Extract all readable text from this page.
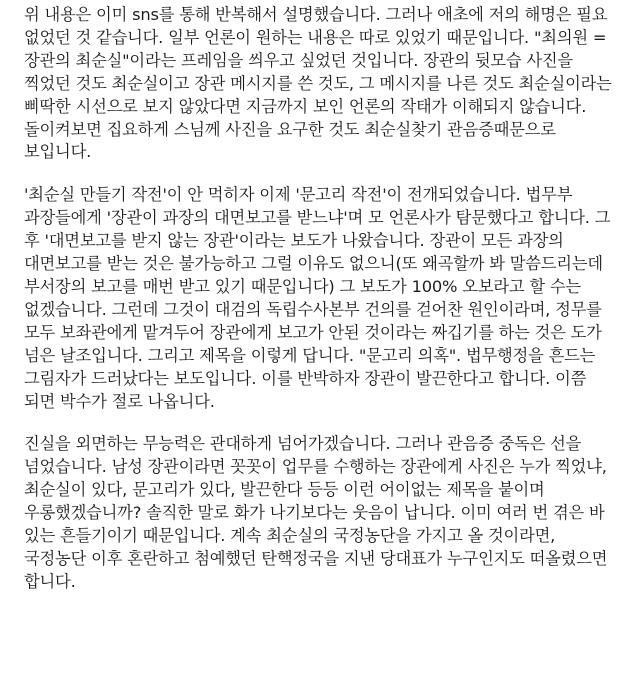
위 내용은 이미 sns를 통해 반복해서 설명했습니다. 그러나 애초에 저의 해명은 필요 없었던 것 같습니다. 일부 언론이 원하는 내용은 따로 있었기 때문입니다. "최의원 = 장관의 최순실"이라는 프레임을 씌우고 싶었던 것입니다. 장관의 뒷모습 사진을 찍었던 것도 최순실이고 장관 메시지를 쓴 것도, 그 메시지를 나른 것도 최순실이라는 삐딱한 시선으로 보지 않았다면 지금까지 보인 언론의 작태가 이해되지 않습니다.
돌이켜보면 집요하게 스님께 사진을 요구한 것도 최순실찾기 관음증때문으로 보입니다.

'최순실 만들기 작전'이 안 먹히자 이제 '문고리 작전'이 전개되었습니다. 법무부 과장들에게 '장관이 과장의 대면보고를 받느냐'며 모 언론사가 탐문했다고 합니다. 그 후 '대면보고를 받지 않는 장관'이라는 보도가 나왔습니다. 장관이 모든 과장의 대면보고를 받는 것은 불가능하고 그럴 이유도 없으니(또 왜곡할까 봐 말씀드리는데 부서장의 보고를 매번 받고 있기 때문입니다) 그 보도가 100% 오보라고 할 수는 없겠습니다. 그런데 그것이 대검의 독립수사본부 건의를 걷어찬 원인이라며, 정무를 모두 보좌관에게 맡겨두어 장관에게 보고가 안된 것이라는 짜깁기를 하는 것은 도가 넘은 날조입니다. 그리고 제목을 이렇게 답니다. "문고리 의혹". 법무행정을 흔드는 그림자가 드러났다는 보도입니다. 이를 반박하자 장관이 발끈한다고 합니다. 이쯤 되면 박수가 절로 나옵니다.

진실을 외면하는 무능력은 관대하게 넘어가겠습니다. 그러나 관음증 중독은 선을 넘었습니다. 남성 장관이라면 꼿꼿이 업무를 수행하는 장관에게 사진은 누가 찍었냐, 최순실이 있다, 문고리가 있다, 발끈한다 등등 이런 어이없는 제목을 붙이며 우롱했겠습니까? 솔직한 말로 화가 나기보다는 웃음이 납니다. 이미 여러 번 겪은 바 있는 흔들기이기 때문입니다. 계속 최순실의 국정농단을 가지고 올 것이라면, 국정농단 이후 혼란하고 첨예했던 탄핵정국을 지낸 당대표가 누구인지도 떠올렸으면 합니다.
